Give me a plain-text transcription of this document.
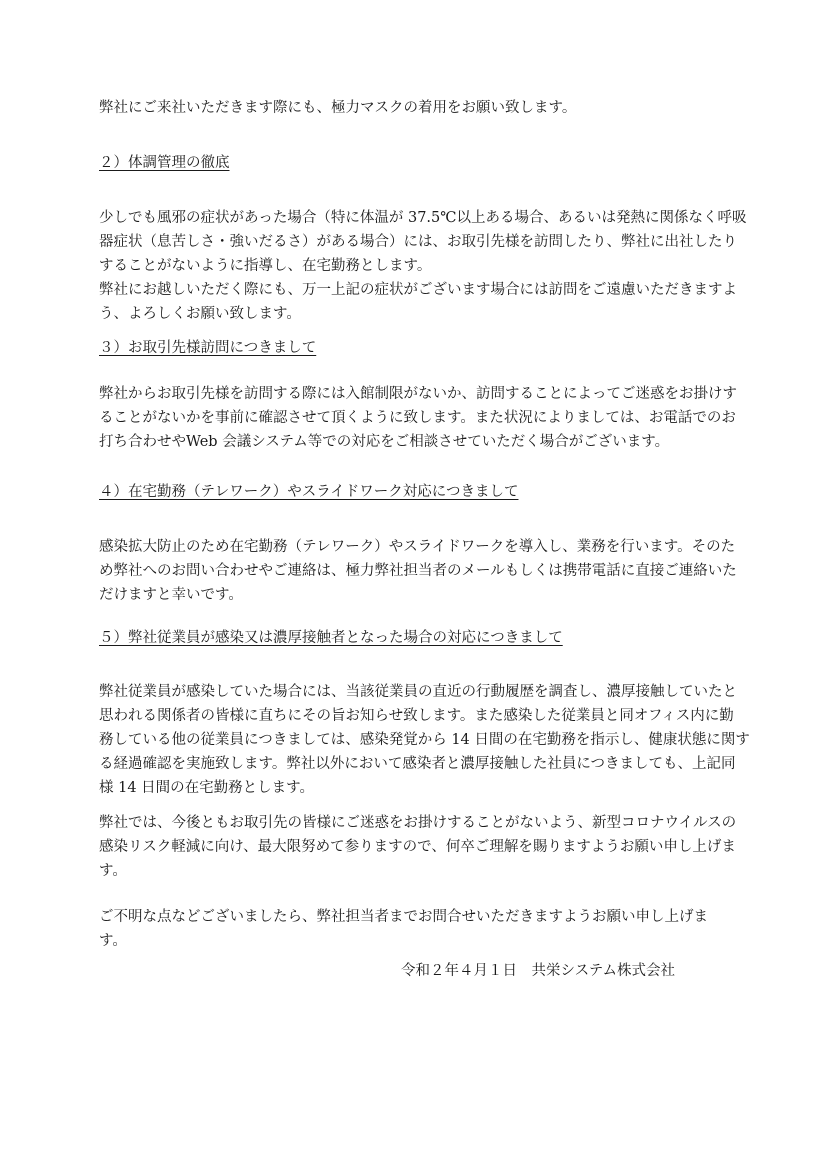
弊社にご来社いただきます際にも、極力マスクの着用をお願い致します。

２）体調管理の徹底

少しでも風邪の症状があった場合（特に体温が 37.5℃以上ある場合、あるいは発熱に関係なく呼吸
器症状（息苦しさ・強いだるさ）がある場合）には、お取引先様を訪問したり、弊社に出社したり
することがないように指導し、在宅勤務とします。
弊社にお越しいただく際にも、万一上記の症状がございます場合には訪問をご遠慮いただきますよ
う、よろしくお願い致します。

３）お取引先様訪問につきまして

弊社からお取引先様を訪問する際には入館制限がないか、訪問することによってご迷惑をお掛けす
ることがないかを事前に確認させて頂くように致します。また状況によりましては、お電話でのお
打ち合わせやWeb 会議システム等での対応をご相談させていただく場合がございます。

４）在宅勤務（テレワーク）やスライドワーク対応につきまして

感染拡大防止のため在宅勤務（テレワーク）やスライドワークを導入し、業務を行います。そのた
め弊社へのお問い合わせやご連絡は、極力弊社担当者のメールもしくは携帯電話に直接ご連絡いた
だけますと幸いです。

５）弊社従業員が感染又は濃厚接触者となった場合の対応につきまして

弊社従業員が感染していた場合には、当該従業員の直近の行動履歴を調査し、濃厚接触していたと
思われる関係者の皆様に直ちにその旨お知らせ致します。また感染した従業員と同オフィス内に勤
務している他の従業員につきましては、感染発覚から 14 日間の在宅勤務を指示し、健康状態に関す
る経過確認を実施致します。弊社以外において感染者と濃厚接触した社員につきましても、上記同
様 14 日間の在宅勤務とします。

弊社では、今後ともお取引先の皆様にご迷惑をお掛けすることがないよう、新型コロナウイルスの
感染リスク軽減に向け、最大限努めて参りますので、何卒ご理解を賜りますようお願い申し上げま
す。

ご不明な点などございましたら、弊社担当者までお問合せいただきますようお願い申し上げます。

令和２年４月１日　共栄システム株式会社
